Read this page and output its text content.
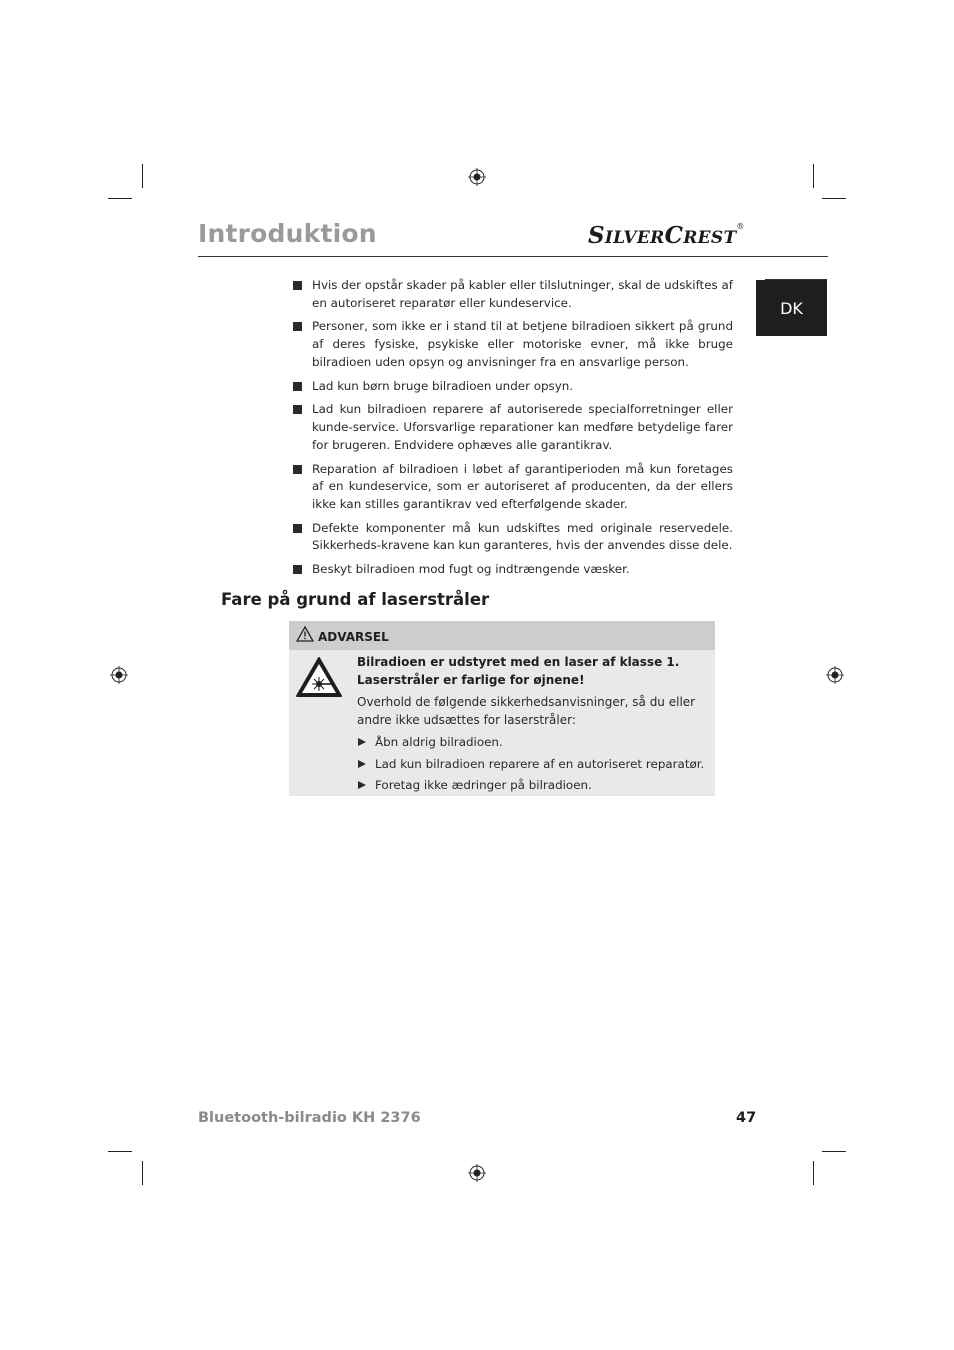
Introduktion	SILVERCREST®
DK
Hvis der opstår skader på kabler eller tilslutninger, skal de udskiftes af en autoriseret reparatør eller kundeservice.
Personer, som ikke er i stand til at betjene bilradioen sikkert på grund af deres fysiske, psykiske eller motoriske evner, må ikke bruge bilradioen uden opsyn og anvisninger fra en ansvarlige person.
Lad kun børn bruge bilradioen under opsyn.
Lad kun bilradioen reparere af autoriserede specialforretninger eller kunde-service. Uforsvarlige reparationer kan medføre betydelige farer for brugeren. Endvidere ophæves alle garantikrav.
Reparation af bilradioen i løbet af garantiperioden må kun foretages af en kundeservice, som er autoriseret af producenten, da der ellers ikke kan stilles garantikrav ved efterfølgende skader.
Defekte komponenter må kun udskiftes med originale reservedele. Sikkerheds-kravene kan kun garanteres, hvis der anvendes disse dele.
Beskyt bilradioen mod fugt og indtrængende væsker.
Fare på grund af laserstråler
ADVARSEL
Bilradioen er udstyret med en laser af klasse 1.
Laserstråler er farlige for øjnene!
Overhold de følgende sikkerhedsanvisninger, så du eller andre ikke udsættes for laserstråler:
Åbn aldrig bilradioen.
Lad kun bilradioen reparere af en autoriseret reparatør.
Foretag ikke ædringer på bilradioen.
Bluetooth-bilradio KH 2376	47
